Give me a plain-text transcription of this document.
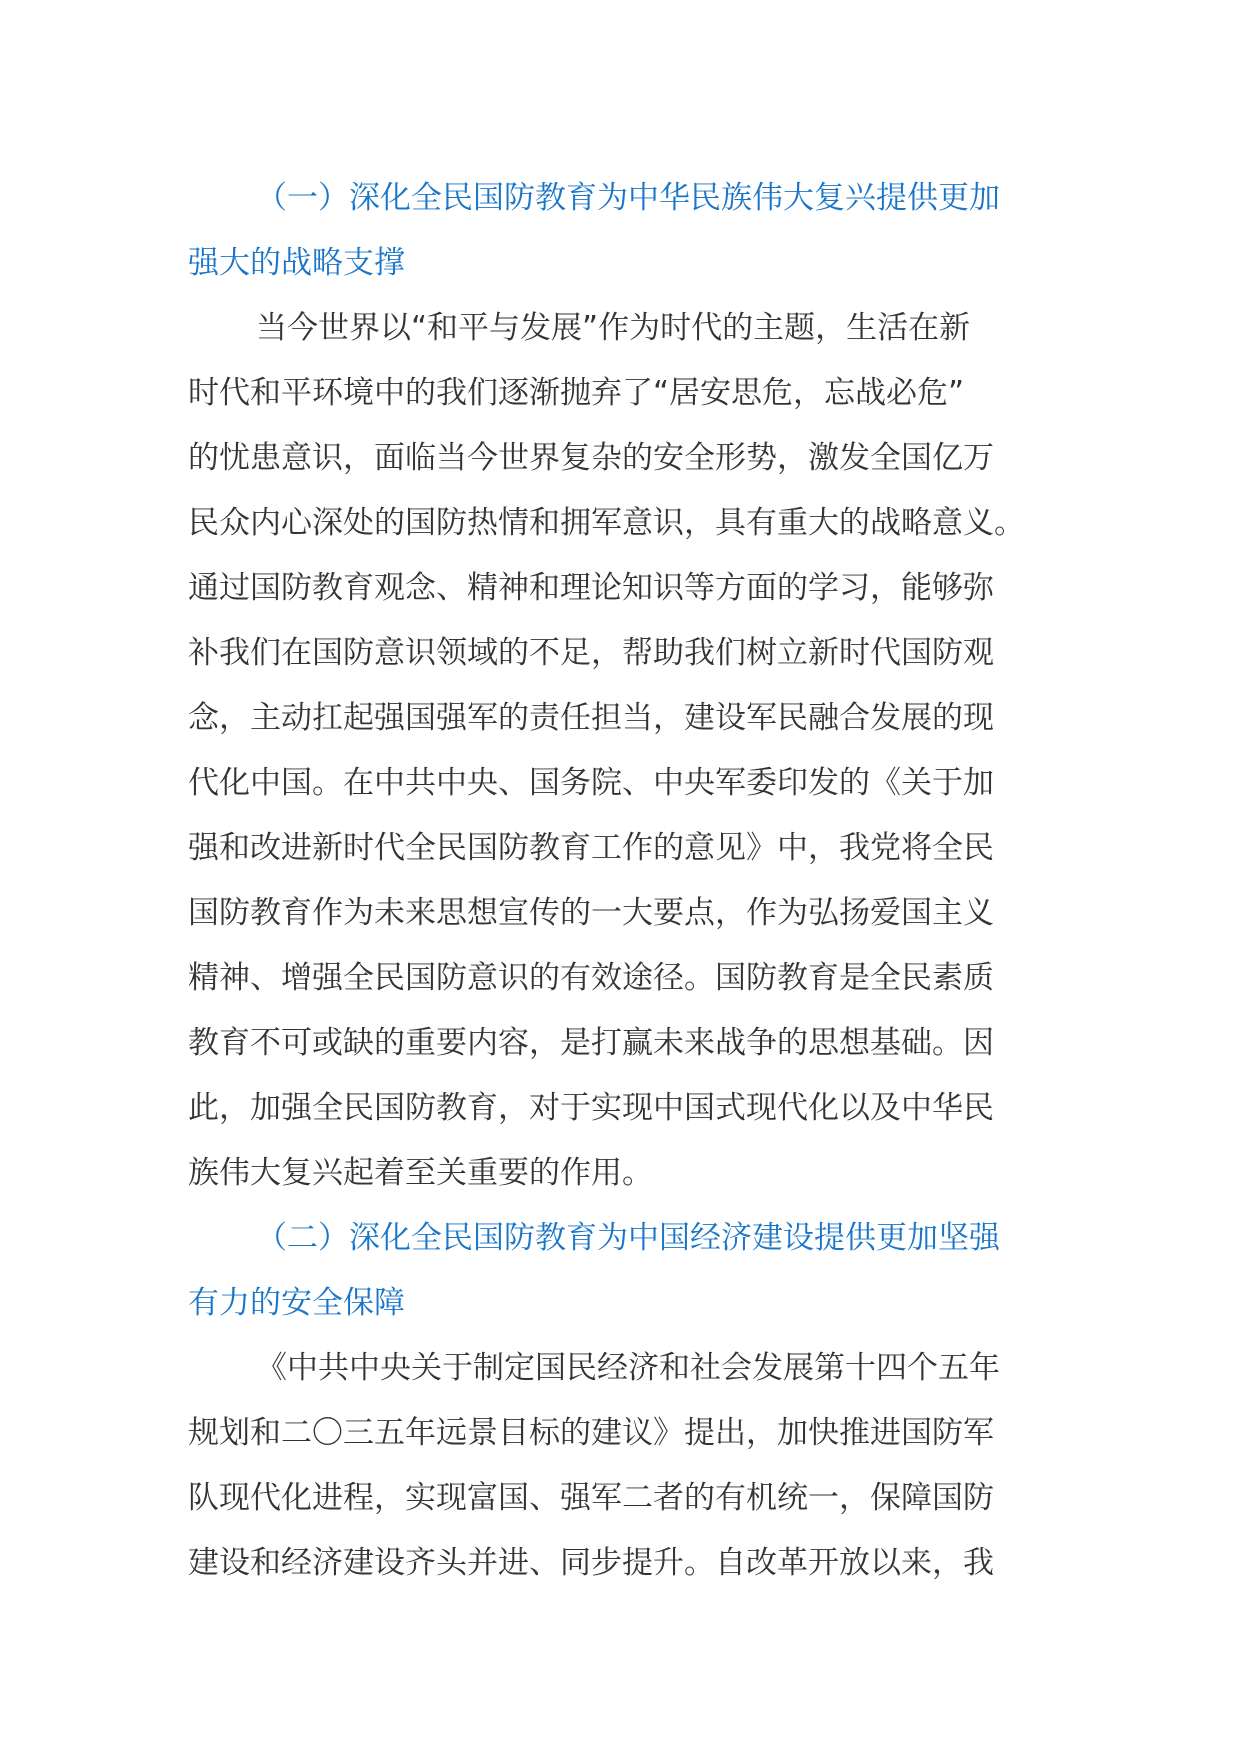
（一）深化全民国防教育为中华民族伟大复兴提供更加
强大的战略支撑
当今世界以“和平与发展”作为时代的主题，生活在新
时代和平环境中的我们逐渐抛弃了“居安思危，忘战必危”
的忧患意识，面临当今世界复杂的安全形势，激发全国亿万
民众内心深处的国防热情和拥军意识，具有重大的战略意义。
通过国防教育观念、精神和理论知识等方面的学习，能够弥
补我们在国防意识领域的不足，帮助我们树立新时代国防观
念，主动扛起强国强军的责任担当，建设军民融合发展的现
代化中国。在中共中央、国务院、中央军委印发的《关于加
强和改进新时代全民国防教育工作的意见》中，我党将全民
国防教育作为未来思想宣传的一大要点，作为弘扬爱国主义
精神、增强全民国防意识的有效途径。国防教育是全民素质
教育不可或缺的重要内容，是打赢未来战争的思想基础。因
此，加强全民国防教育，对于实现中国式现代化以及中华民
族伟大复兴起着至关重要的作用。
（二）深化全民国防教育为中国经济建设提供更加坚强
有力的安全保障
《中共中央关于制定国民经济和社会发展第十四个五年
规划和二〇三五年远景目标的建议》提出，加快推进国防军
队现代化进程，实现富国、强军二者的有机统一，保障国防
建设和经济建设齐头并进、同步提升。自改革开放以来，我
